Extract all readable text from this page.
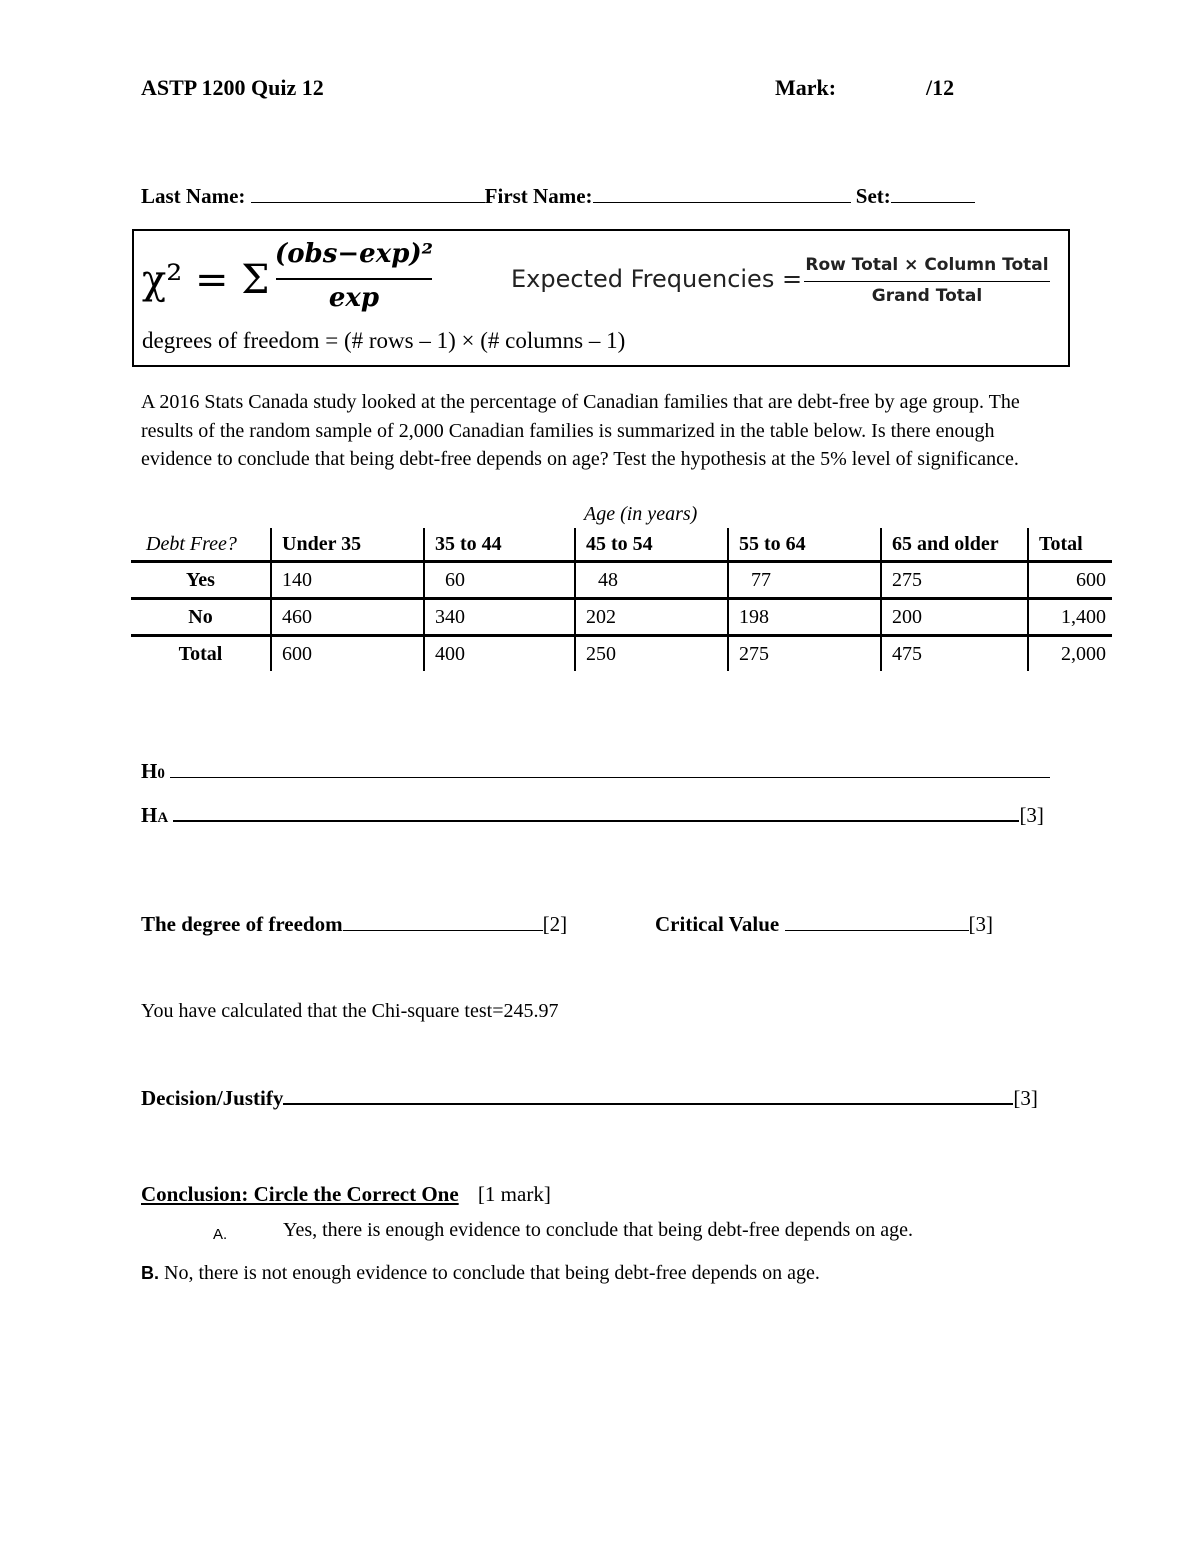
ASTP 1200 Quiz 12	Mark:	/12
Last Name:	First Name:	Set:
χ² = Σ
(obs−exp)²
exp
Expected Frequencies = Row Total × Column Total
Grand Total
degrees of freedom = (# rows – 1) × (# columns – 1)
A 2016 Stats Canada study looked at the percentage of Canadian families that are debt-free by age group. The results of the random sample of 2,000 Canadian families is summarized in the table below. Is there enough evidence to conclude that being debt-free depends on age? Test the hypothesis at the 5% level of significance.
Age (in years)
Debt Free?	Under 35	35 to 44	45 to 54	55 to 64	65 and older	Total
Yes	140	60	48	77	275	600
No	460	340	202	198	200	1,400
Total	600	400	250	275	475	2,000
H0
HA	[3]
The degree of freedom	[2]	Critical Value	[3]
You have calculated that the Chi-square test=245.97
Decision/Justify	[3]
Conclusion: Circle the Correct One [1 mark]
A.	Yes, there is enough evidence to conclude that being debt-free depends on age.
B. No, there is not enough evidence to conclude that being debt-free depends on age.
